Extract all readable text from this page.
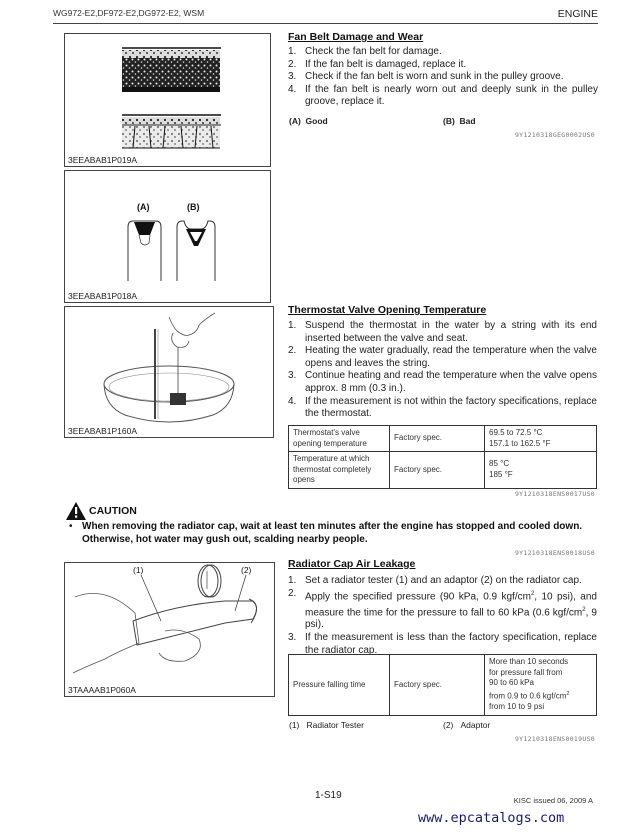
WG972-E2,DF972-E2,DG972-E2, WSM	ENGINE
3EEABAB1P019A
(A)	(B)
3EEABAB1P018A
Fan Belt Damage and Wear
1. Check the fan belt for damage.
2. If the fan belt is damaged, replace it.
3. Check if the fan belt is worn and sunk in the pulley groove.
4. If the fan belt is nearly worn out and deeply sunk in the pulley groove, replace it.
(A) Good	(B) Bad
9Y1210318GEG0002US0
3EEABAB1P160A
Thermostat Valve Opening Temperature
1. Suspend the thermostat in the water by a string with its end inserted between the valve and seat.
2. Heating the water gradually, read the temperature when the valve opens and leaves the string.
3. Continue heating and read the temperature when the valve opens approx. 8 mm (0.3 in.).
4. If the measurement is not within the factory specifications, replace the thermostat.
Thermostat's valve opening temperature	Factory spec.	69.5 to 72.5 °C
157.1 to 162.5 °F
Temperature at which thermostat completely opens	Factory spec.	85 °C
185 °F
9Y1210318ENS0017US0
CAUTION
• When removing the radiator cap, wait at least ten minutes after the engine has stopped and cooled down. Otherwise, hot water may gush out, scalding nearby people.
9Y1210318ENS0018US0
(1)	(2)
3TAAAAB1P060A
Radiator Cap Air Leakage
1. Set a radiator tester (1) and an adaptor (2) on the radiator cap.
2. Apply the specified pressure (90 kPa, 0.9 kgf/$cm^2$, 10 psi), and measure the time for the pressure to fall to 60 kPa (0.6 kgf/$cm^2$, 9 psi).
3. If the measurement is less than the factory specification, replace the radiator cap.
Pressure falling time	Factory spec.	More than 10 seconds
for pressure fall from
90 to 60 kPa
from 0.9 to 0.6 kgf/$cm^2$
from 10 to 9 psi
(1) Radiator Tester	(2) Adaptor
9Y1210318ENS0019US0
1-S19	KISC issued 06, 2009 A
www.epcatalogs.com
